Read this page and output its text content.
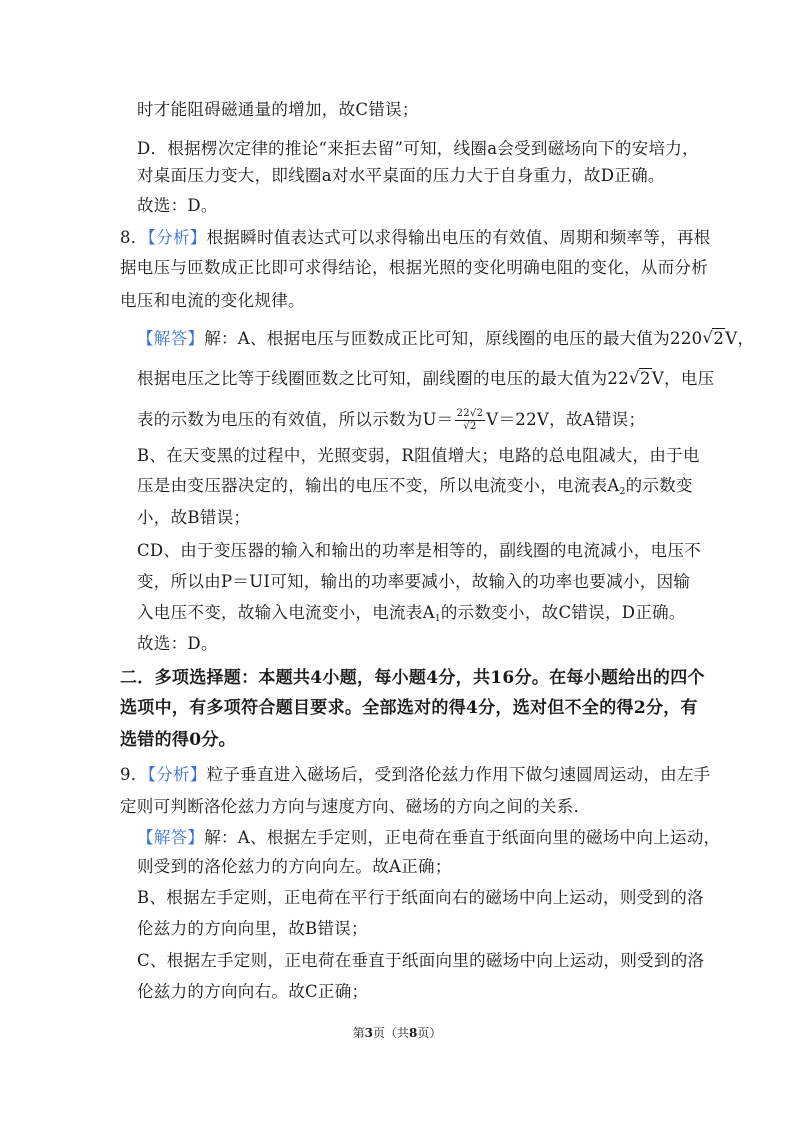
时才能阻碍磁通量的增加，故C错误；
D．根据楞次定律的推论“来拒去留”可知，线圈a会受到磁场向下的安培力，
对桌面压力变大，即线圈a对水平桌面的压力大于自身重力，故D正确。
故选：D。
8．【分析】根据瞬时值表达式可以求得输出电压的有效值、周期和频率等，再根
据电压与匝数成正比即可求得结论，根据光照的变化明确电阻的变化，从而分析
电压和电流的变化规律。
【解答】解：A、根据电压与匝数成正比可知，原线圈的电压的最大值为220 √ 2V，
根据电压之比等于线圈匝数之比可知，副线圈的电压的最大值为22 √ 2V，电压
表的示数为电压的有效值，所以示数为$U= \frac{22√2}{√2} V=22V$，故A错误；
B、在天变黑的过程中，光照变弱，R阻值增大；电路的总电阻减大，由于电
压是由变压器决定的，输出的电压不变，所以电流变小，电流表$A_2$的示数变
小，故B错误；
CD、由于变压器的输入和输出的功率是相等的，副线圈的电流减小，电压不
变，所以由P＝UI可知，输出的功率要减小，故输入的功率也要减小，因输
入电压不变，故输入电流变小，电流表$A_1$的示数变小，故C错误，D正确。
故选：D。
二．多项选择题：本题共4小题，每小题4分，共16分。在每小题给出的四个
选项中，有多项符合题目要求。全部选对的得4分，选对但不全的得2分，有
选错的得0分。
9．【分析】粒子垂直进入磁场后，受到洛伦兹力作用下做匀速圆周运动，由左手
定则可判断洛伦兹力方向与速度方向、磁场的方向之间的关系．
【解答】解：A、根据左手定则，正电荷在垂直于纸面向里的磁场中向上运动，
则受到的洛伦兹力的方向向左。故A正确；
B、根据左手定则，正电荷在平行于纸面向右的磁场中向上运动，则受到的洛
伦兹力的方向向里，故B错误；
C、根据左手定则，正电荷在垂直于纸面向里的磁场中向上运动，则受到的洛
伦兹力的方向向右。故C正确；
第3页（共8页）
